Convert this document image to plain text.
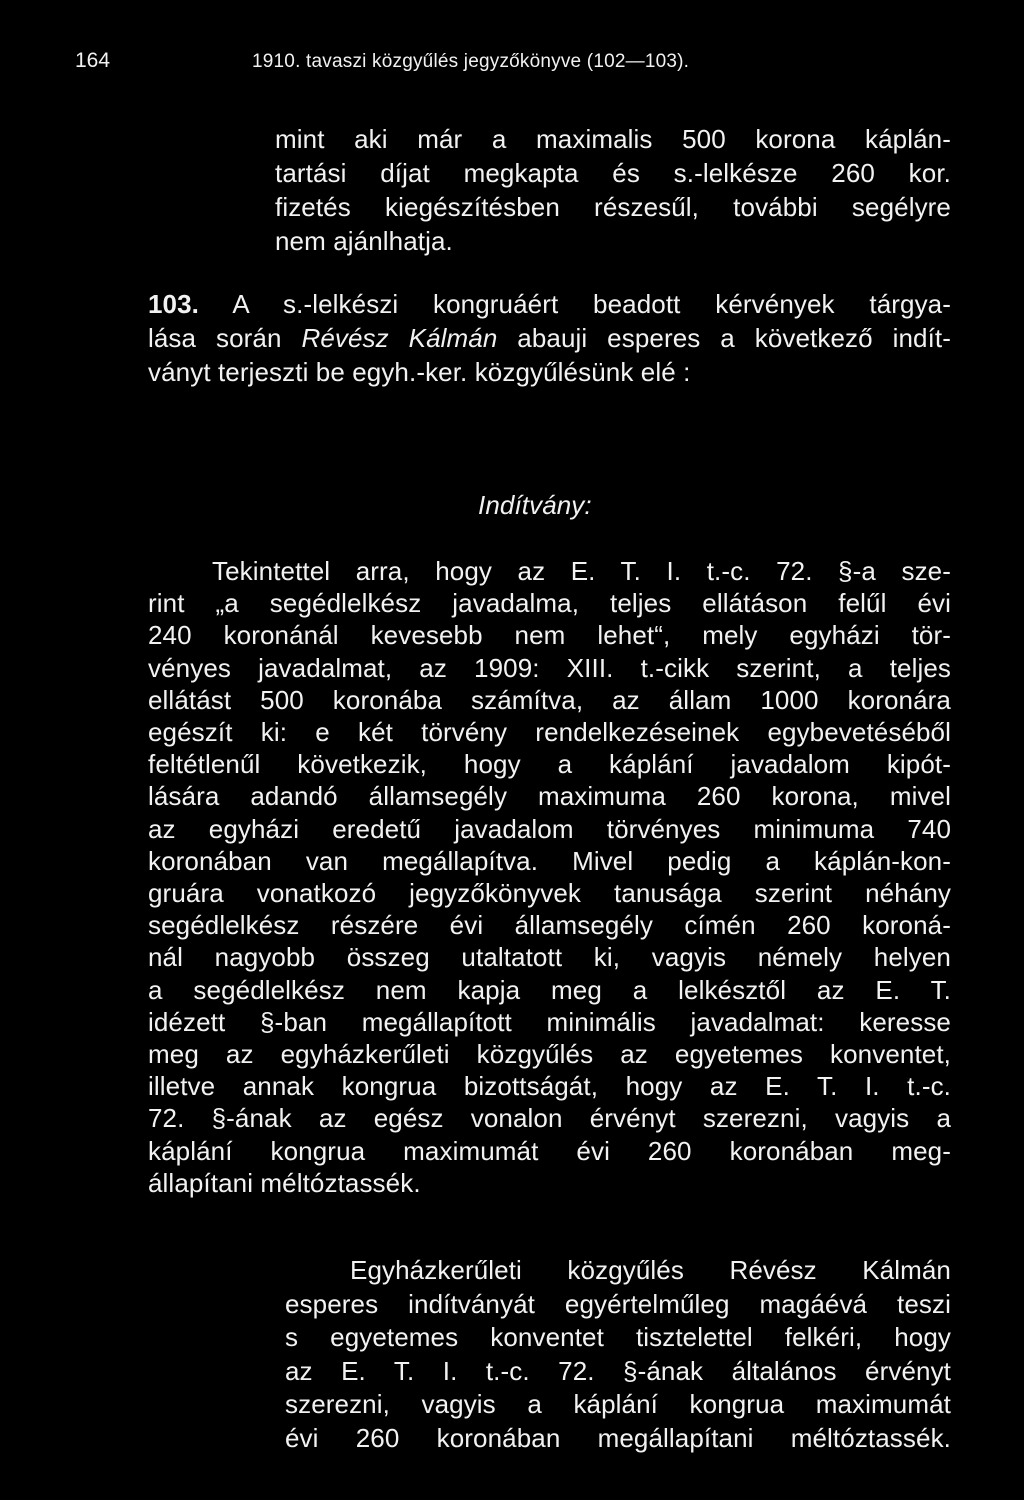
164	1910. tavaszi közgyűlés jegyzőkönyve (102—103).
mint aki már a maximalis 500 korona káplán-
tartási díjat megkapta és s.-lelkésze 260 kor.
fizetés kiegészítésben részesűl, további segélyre
nem ajánlhatja.
103. A s.-lelkészi kongruáért beadott kérvények tárgya-
lása során Révész Kálmán abauji esperes a következő indít-
ványt terjeszti be egyh.-ker. közgyűlésünk elé :
Indítvány:
Tekintettel arra, hogy az E. T. I. t.-c. 72. §-a sze-
rint „a segédlelkész javadalma, teljes ellátáson felűl évi
240 koronánál kevesebb nem lehet“, mely egyházi tör-
vényes javadalmat, az 1909: XIII. t.-cikk szerint, a teljes
ellátást 500 koronába számítva, az állam 1000 koronára
egészít ki: e két törvény rendelkezéseinek egybevetéséből
feltétlenűl következik, hogy a káplání javadalom kipót-
lására adandó államsegély maximuma 260 korona, mivel
az egyházi eredetű javadalom törvényes minimuma 740
koronában van megállapítva. Mivel pedig a káplán-kon-
gruára vonatkozó jegyzőkönyvek tanusága szerint néhány
segédlelkész részére évi államsegély címén 260 koroná-
nál nagyobb összeg utaltatott ki, vagyis némely helyen
a segédlelkész nem kapja meg a lelkésztől az E. T.
idézett §-ban megállapított minimális javadalmat: keresse
meg az egyházkerűleti közgyűlés az egyetemes konventet,
illetve annak kongrua bizottságát, hogy az E. T. I. t.-c.
72. §-ának az egész vonalon érvényt szerezni, vagyis a
káplání kongrua maximumát évi 260 koronában meg-
állapítani méltóztassék.
Egyházkerűleti közgyűlés Révész Kálmán
esperes indítványát egyértelműleg magáévá teszi
s egyetemes konventet tisztelettel felkéri, hogy
az E. T. I. t.-c. 72. §-ának általános érvényt
szerezni, vagyis a káplání kongrua maximumát
évi 260 koronában megállapítani méltóztassék.
